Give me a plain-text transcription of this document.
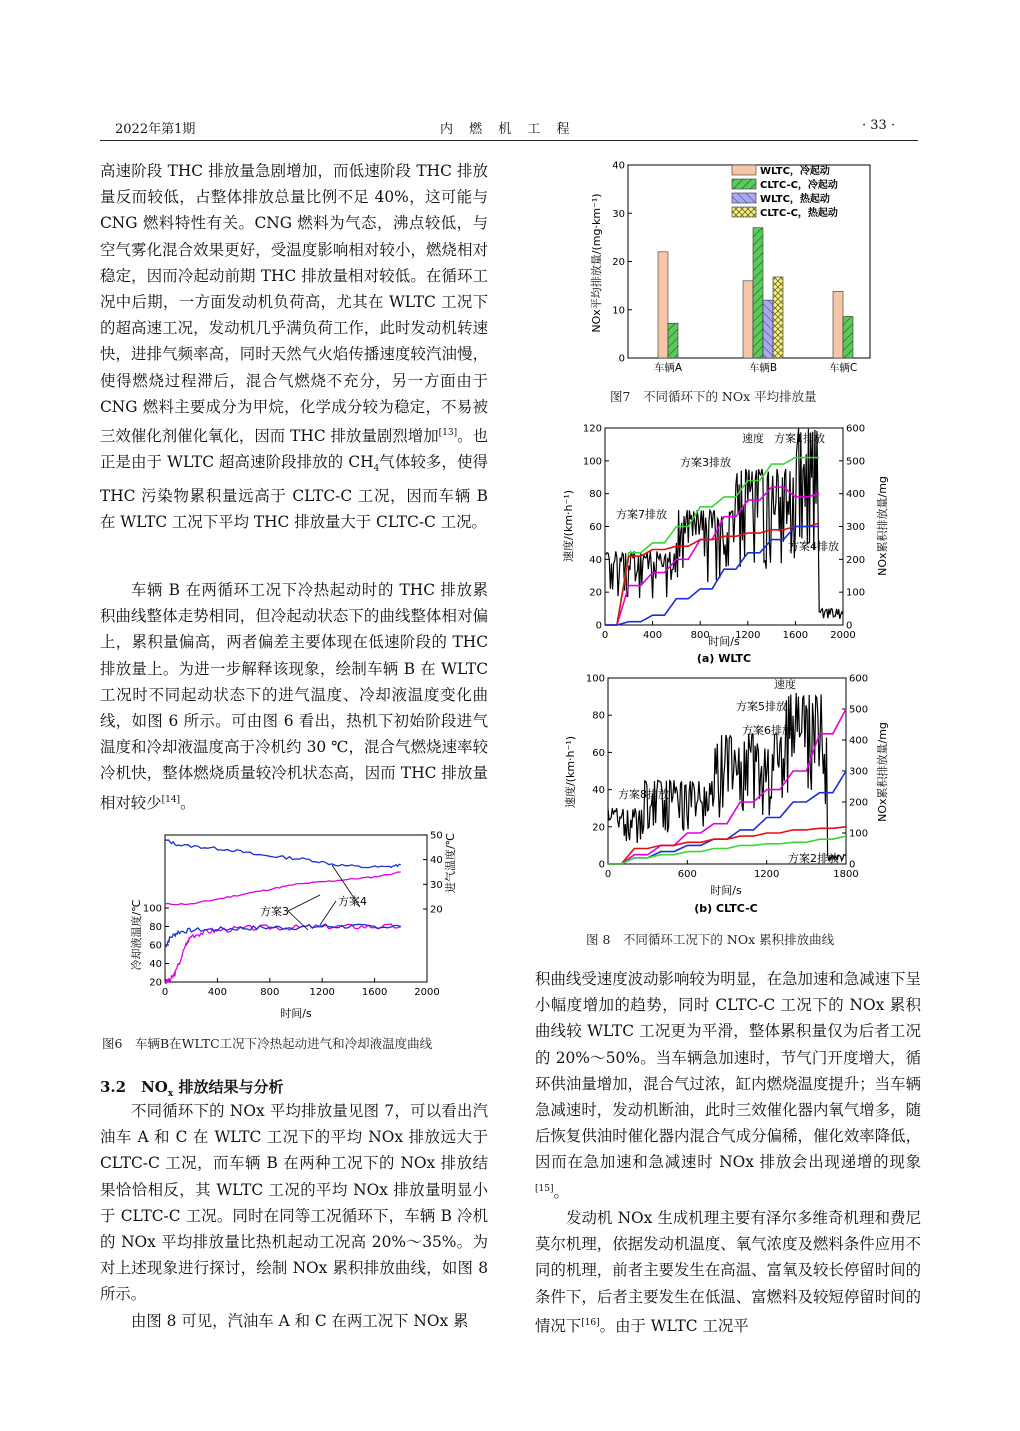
2022年第1期	内 燃 机 工 程	· 33 ·

高速阶段 THC 排放量急剧增加，而低速阶段 THC 排放量反而较低，占整体排放总量比例不足 40%，这可能与 CNG 燃料特性有关。CNG 燃料为气态，沸点较低，与空气雾化混合效果更好，受温度影响相对较小，燃烧相对稳定，因而冷起动前期 THC 排放量相对较低。在循环工况中后期，一方面发动机负荷高，尤其在 WLTC 工况下的超高速工况，发动机几乎满负荷工作，此时发动机转速快，进排气频率高，同时天然气火焰传播速度较汽油慢，使得燃烧过程滞后，混合气燃烧不充分，另一方面由于 CNG 燃料主要成分为甲烷，化学成分较为稳定，不易被三效催化剂催化氧化，因而 THC 排放量剧烈增加[13]。也正是由于 WLTC 超高速阶段排放的 $CH_4$气体较多，使得 THC 污染物累积量远高于 CLTC-C 工况，因而车辆 B 在 WLTC 工况下平均 THC 排放量大于 CLTC-C 工况。

车辆 B 在两循环工况下冷热起动时的 THC 排放累积曲线整体走势相同，但冷起动状态下的曲线整体相对偏上，累积量偏高，两者偏差主要体现在低速阶段的 THC 排放量上。为进一步解释该现象，绘制车辆 B 在 WLTC 工况时不同起动状态下的进气温度、冷却液温度变化曲线，如图 6 所示。可由图 6 看出，热机下初始阶段进气温度和冷却液温度高于冷机约 30 ℃，混合气燃烧速率较冷机快，整体燃烧质量较冷机状态高，因而 THC 排放量相对较少[14]。

0	400	800	1200	1600	2000
20
40
60
80
100	20
30
40
50
方案3
方案4
时间/s
冷却液温度/℃
进气温度/℃
图6　车辆B在WLTC工况下冷热起动进气和冷却液温度曲线
3.2　$NO_x$ 排放结果与分析

不同循环下的 NOx 平均排放量见图 7，可以看出汽油车 A 和 C 在 WLTC 工况下的平均 NOx 排放远大于 CLTC-C 工况，而车辆 B 在两种工况下的 NOx 排放结果恰恰相反，其 WLTC 工况的平均 NOx 排放量明显小于 CLTC-C 工况。同时在同等工况循环下，车辆 B 冷机的 NOx 平均排放量比热机起动工况高 20%～35%。为对上述现象进行探讨，绘制 NOx 累积排放曲线，如图 8 所示。

由图 8 可见，汽油车 A 和 C 在两工况下 NOx 累

0
10
20
30
40
车辆A	车辆B	车辆C
WLTC，冷起动
CLTC-C，冷起动
WLTC，热起动
CLTC-C，热起动
NOx平均排放量/(mg·km⁻¹)
图7　不同循环下的 NOx 平均排放量
0	400	800	1200 1600 2000
0
20
40
60
80
100
120
0
100
200
300
400
500
600
速度 方案1排放
方案3排放
方案7排放
方案4排放
时间/s
(a) WLTC
速度/(km·h⁻¹)	NOx累积排放量/mg
0	600	1200	1800
0
20
40
60
80
100
0
100
200
300
400
500
600
速度
方案5排放
方案6排放
方案8排放
方案2排放
时间/s
(b) CLTC-C
速度/(km·h⁻¹)	NOx累积排放量/mg
图 8　不同循环工况下的 NOx 累积排放曲线

积曲线受速度波动影响较为明显，在急加速和急减速下呈小幅度增加的趋势，同时 CLTC-C 工况下的 NOx 累积曲线较 WLTC 工况更为平滑，整体累积量仅为后者工况的 20%～50%。当车辆急加速时，节气门开度增大，循环供油量增加，混合气过浓，缸内燃烧温度提升；当车辆急减速时，发动机断油，此时三效催化器内氧气增多，随后恢复供油时催化器内混合气成分偏稀，催化效率降低，因而在急加速和急减速时 NOx 排放会出现递增的现象[15]。

发动机 NOx 生成机理主要有泽尔多维奇机理和费尼莫尔机理，依据发动机温度、氧气浓度及燃料条件应用不同的机理，前者主要发生在高温、富氧及较长停留时间的条件下，后者主要发生在低温、富燃料及较短停留时间的情况下[16]。由于 WLTC 工况平
